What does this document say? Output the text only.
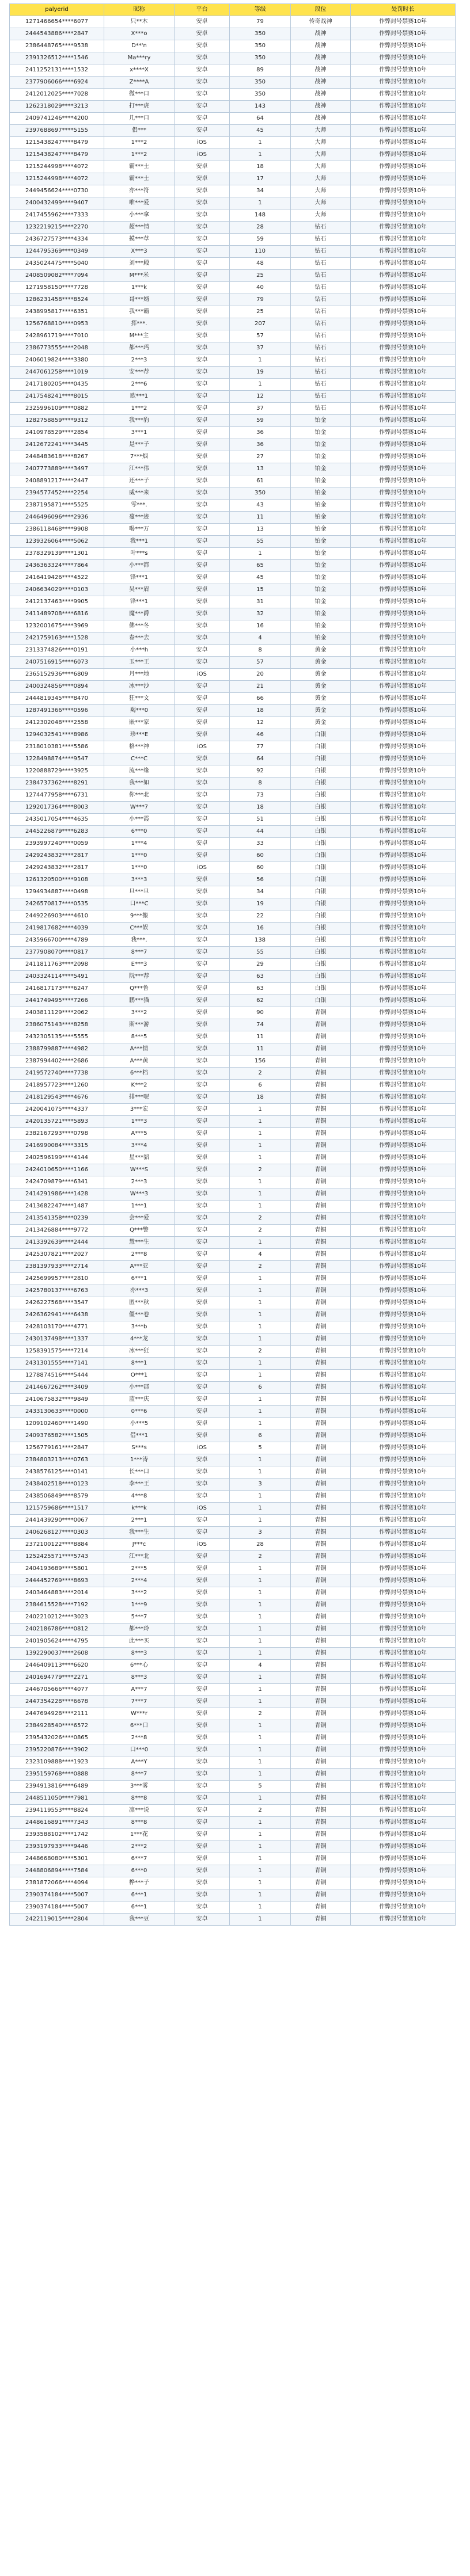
palyerid	昵称	平台	等级	段位	处罚时长
1271466654****6077	只**木	安卓	79	传奇战神	作弊封号禁赛10年
2444543886****2847	X***o	安卓	350	战神	作弊封号禁赛10年
2386448765****9538	D**'n	安卓	350	战神	作弊封号禁赛10年
2391326512****1546	Ma***ry	安卓	350	战神	作弊封号禁赛10年
2411252131****1532	x****X	安卓	89	战神	作弊封号禁赛10年
2377906066****6924	Z****A	安卓	350	战神	作弊封号禁赛10年
2412012025****7028	微***口	安卓	350	战神	作弊封号禁赛10年
1262318029****3213	打***虎	安卓	143	战神	作弊封号禁赛10年
2409741246****4200	几***口	安卓	64	战神	作弊封号禁赛10年
2397688697****5155	侣***	安卓	45	大师	作弊封号禁赛10年
1215438247****8479	1***2	iOS	1	大师	作弊封号禁赛10年
1215438247****8479	1***2	iOS	1	大师	作弊封号禁赛10年
1215244998****4072	霸***士	安卓	18	大师	作弊封号禁赛10年
1215244998****4072	霸***士	安卓	17	大师	作弊封号禁赛10年
2449456624****0730	亦***符	安卓	34	大师	作弊封号禁赛10年
2400432499****9407	唯***爱	安卓	1	大师	作弊封号禁赛10年
2417455962****7333	小***拿	安卓	148	大师	作弊封号禁赛10年
1232219215****2270	超***情	安卓	28	钻石	作弊封号禁赛10年
2436727573****4334	摸***草	安卓	59	钻石	作弊封号禁赛10年
1244795369****0349	X***3	安卓	110	钻石	作弊封号禁赛10年
2435024475****5040	刘***殿	安卓	48	钻石	作弊封号禁赛10年
2408509082****7094	M***米	安卓	25	钻石	作弊封号禁赛10年
1271958150****7728	1***k	安卓	40	钻石	作弊封号禁赛10年
1286231458****8524	哥***婿	安卓	79	钻石	作弊封号禁赛10年
2438995817****6351	我***霸	安卓	25	钻石	作弊封号禁赛10年
1256768810****0953	挥***.	安卓	207	钻石	作弊封号禁赛10年
2428961719****7010	M***主	安卓	57	钻石	作弊封号禁赛10年
2386773555****2048	都***玛	安卓	37	钻石	作弊封号禁赛10年
2406019824****3380	2***3	安卓	1	钻石	作弊封号禁赛10年
2447061258****1019	安***荐	安卓	19	钻石	作弊封号禁赛10年
2417180205****0435	2***6	安卓	1	钻石	作弊封号禁赛10年
2417548241****8015	欧***1	安卓	12	钻石	作弊封号禁赛10年
2325996109****0882	1***2	安卓	37	钻石	作弊封号禁赛10年
1282758859****9312	我***豹	安卓	59	铂金	作弊封号禁赛10年
2410978529****2854	3***1	安卓	36	铂金	作弊封号禁赛10年
2412672241****3445	是***子	安卓	36	铂金	作弊封号禁赛10年
2448483618****8267	7***烟	安卓	27	铂金	作弊封号禁赛10年
2407773889****3497	江***伟	安卓	13	铂金	作弊封号禁赛10年
2408891217****2447	还***子	安卓	61	铂金	作弊封号禁赛10年
2394577452****2254	威***来	安卓	350	铂金	作弊封号禁赛10年
2387195871****5525	零***.	安卓	43	铂金	作弊封号禁赛10年
2446496096****2936	蔓***迹	安卓	11	铂金	作弊封号禁赛10年
2386118468****9908	喝***万	安卓	13	铂金	作弊封号禁赛10年
1239326064****5062	我***1	安卓	55	铂金	作弊封号禁赛10年
2378329139****1301	叶***s	安卓	1	铂金	作弊封号禁赛10年
2436363324****7864	小***都	安卓	65	铂金	作弊封号禁赛10年
2416419426****4522	锋***1	安卓	45	铂金	作弊封号禁赛10年
2406634029****0103	吴***眉	安卓	15	铂金	作弊封号禁赛10年
2412137463****9905	锋***1	安卓	31	铂金	作弊封号禁赛10年
2411489708****6816	魔***爵	安卓	32	铂金	作弊封号禁赛10年
1232001675****3969	佛***冬	安卓	16	铂金	作弊封号禁赛10年
2421759163****1528	春***去	安卓	4	铂金	作弊封号禁赛10年
2313374826****0191	小***h	安卓	8	黄金	作弊封号禁赛10年
2407516915****6073	玉***王	安卓	57	黄金	作弊封号禁赛10年
2365152936****6809	月***地	iOS	20	黄金	作弊封号禁赛10年
2400324856****0894	冰***沙	安卓	21	黄金	作弊封号禁赛10年
2444819345****8470	狂***文	安卓	66	黄金	作弊封号禁赛10年
1287491366****0596	羯***0	安卓	18	黄金	作弊封号禁赛10年
2412302048****2558	嵌***家	安卓	12	黄金	作弊封号禁赛10年
1294032541****8986	珍***E	安卓	46	白银	作弊封号禁赛10年
2318010381****5586	格***神	iOS	77	白银	作弊封号禁赛10年
1228498874****9547	C***C	安卓	64	白银	作弊封号禁赛10年
1220888729****3925	流***缘	安卓	92	白银	作弊封号禁赛10年
2384737362****8291	我***如	安卓	8	白银	作弊封号禁赛10年
1274477958****6731	你***北	安卓	73	白银	作弊封号禁赛10年
1292017364****8003	W***7	安卓	18	白银	作弊封号禁赛10年
2435017054****4635	小***霞	安卓	51	白银	作弊封号禁赛10年
2445226879****6283	6***0	安卓	44	白银	作弊封号禁赛10年
2393997240****0059	1***4	安卓	33	白银	作弊封号禁赛10年
2429243832****2817	1***0	安卓	60	白银	作弊封号禁赛10年
2429243832****2817	1***0	iOS	60	白银	作弊封号禁赛10年
1261320500****9108	3***3	安卓	56	白银	作弊封号禁赛10年
1294934887****0498	旦***旦	安卓	34	白银	作弊封号禁赛10年
2426570817****0535	口***C	安卓	19	白银	作弊封号禁赛10年
2449226903****4610	9***搬	安卓	22	白银	作弊封号禁赛10年
2419817682****4039	C***娱	安卓	16	白银	作弊封号禁赛10年
2435966700****4789	我***.	安卓	138	白银	作弊封号禁赛10年
2377908070****0817	8***7	安卓	55	白银	作弊封号禁赛10年
2411811763****2098	E***3	安卓	29	白银	作弊封号禁赛10年
2403324114****5491	阮***荐	安卓	63	白银	作弊封号禁赛10年
2416817173****6247	Q***鲁	安卓	63	白银	作弊封号禁赛10年
2441749495****7266	鹏***猫	安卓	62	白银	作弊封号禁赛10年
2403811129****2062	3***2	安卓	90	青铜	作弊封号禁赛10年
2386075143****8258	斯***游	安卓	74	青铜	作弊封号禁赛10年
2432305135****5555	8***5	安卓	11	青铜	作弊封号禁赛10年
2388799887****4982	A***情	安卓	11	青铜	作弊封号禁赛10年
2387994402****2686	A***黄	安卓	156	青铜	作弊封号禁赛10年
2419572740****7738	6***档	安卓	2	青铜	作弊封号禁赛10年
2418957723****1260	K***2	安卓	6	青铜	作弊封号禁赛10年
2418129543****4676	排***呢	安卓	18	青铜	作弊封号禁赛10年
2420041075****4337	3***宏	安卓	1	青铜	作弊封号禁赛10年
2420135721****5893	1***3	安卓	1	青铜	作弊封号禁赛10年
2382167293****0798	A***5	安卓	1	青铜	作弊封号禁赛10年
2416990084****3315	3***4	安卓	1	青铜	作弊封号禁赛10年
2402596199****4144	星***貂	安卓	1	青铜	作弊封号禁赛10年
2424010650****1166	W***S	安卓	2	青铜	作弊封号禁赛10年
2424709879****6341	2***3	安卓	1	青铜	作弊封号禁赛10年
2414291986****1428	W***3	安卓	1	青铜	作弊封号禁赛10年
2413682247****1487	1***1	安卓	1	青铜	作弊封号禁赛10年
2413541358****0239	会***爱	安卓	2	青铜	作弊封号禁赛10年
2413426884****9772	Q***警	安卓	2	青铜	作弊封号禁赛10年
2413392639****2444	慧***生	安卓	1	青铜	作弊封号禁赛10年
2425307821****2027	2***8	安卓	4	青铜	作弊封号禁赛10年
2381397933****2714	A***亚	安卓	2	青铜	作弊封号禁赛10年
2425699957****2810	6***1	安卓	1	青铜	作弊封号禁赛10年
2425780137****6763	亦***3	安卓	1	青铜	作弊封号禁赛10年
2426227568****3547	匿***秋	安卓	1	青铜	作弊封号禁赛10年
2426362941****6438	僵***卷	安卓	1	青铜	作弊封号禁赛10年
2428103170****4771	3***b	安卓	1	青铜	作弊封号禁赛10年
2430137498****1337	4***龙	安卓	1	青铜	作弊封号禁赛10年
1258391575****7214	冰***狂	安卓	2	青铜	作弊封号禁赛10年
2431301555****7141	8***1	安卓	1	青铜	作弊封号禁赛10年
1278874516****5444	O***1	安卓	1	青铜	作弊封号禁赛10年
2414667262****3409	小***郡	安卓	6	青铜	作弊封号禁赛10年
2410675832****9849	蓝***庆	安卓	1	青铜	作弊封号禁赛10年
2433130633****0000	0***6	安卓	1	青铜	作弊封号禁赛10年
1209102460****1490	小***5	安卓	1	青铜	作弊封号禁赛10年
2409376582****1505	借***1	安卓	6	青铜	作弊封号禁赛10年
1256779161****2847	S***s	iOS	5	青铜	作弊封号禁赛10年
2384803213****0763	1***涛	安卓	1	青铜	作弊封号禁赛10年
2438576125****0141	长***口	安卓	1	青铜	作弊封号禁赛10年
2438402518****0123	李***王	安卓	3	青铜	作弊封号禁赛10年
2438506849****8579	4***8	安卓	1	青铜	作弊封号禁赛10年
1215759686****1517	k***k	iOS	1	青铜	作弊封号禁赛10年
2441439290****0067	2***1	安卓	1	青铜	作弊封号禁赛10年
2406268127****0303	我***生	安卓	3	青铜	作弊封号禁赛10年
2372100122****8884	J***c	iOS	28	青铜	作弊封号禁赛10年
1252425571****5743	江***北	安卓	2	青铜	作弊封号禁赛10年
2404193689****5801	2***5	安卓	1	青铜	作弊封号禁赛10年
2444452769****8693	2***4	安卓	1	青铜	作弊封号禁赛10年
2403464883****2014	3***2	安卓	1	青铜	作弊封号禁赛10年
2384615528****7192	1***9	安卓	1	青铜	作弊封号禁赛10年
2402210212****3023	5***7	安卓	1	青铜	作弊封号禁赛10年
2402186786****0812	都***玲	安卓	1	青铜	作弊封号禁赛10年
2401905624****4795	此***买	安卓	1	青铜	作弊封号禁赛10年
1392290037****2608	8***3	安卓	1	青铜	作弊封号禁赛10年
2446409113****6620	6***心	安卓	4	青铜	作弊封号禁赛10年
2401694779****2271	8***3	安卓	1	青铜	作弊封号禁赛10年
2446705666****4077	A***7	安卓	1	青铜	作弊封号禁赛10年
2447354228****6678	7***7	安卓	1	青铜	作弊封号禁赛10年
2447694928****2111	W***r	安卓	2	青铜	作弊封号禁赛10年
2384928540****6572	6***口	安卓	1	青铜	作弊封号禁赛10年
2395432026****0865	2***8	安卓	1	青铜	作弊封号禁赛10年
2395220876****3902	口***0	安卓	1	青铜	作弊封号禁赛10年
2323109888****1923	A***Y	安卓	1	青铜	作弊封号禁赛10年
2395159768****0888	8***7	安卓	1	青铜	作弊封号禁赛10年
2394913816****6489	3***雾	安卓	5	青铜	作弊封号禁赛10年
2448511050****7981	8***8	安卓	1	青铜	作弊封号禁赛10年
2394119553****8824	凛***说	安卓	2	青铜	作弊封号禁赛10年
2448616891****7343	8***8	安卓	1	青铜	作弊封号禁赛10年
2393588102****1742	1***花	安卓	1	青铜	作弊封号禁赛10年
2393197933****9446	2***2	安卓	1	青铜	作弊封号禁赛10年
2448668080****5301	6***7	安卓	1	青铜	作弊封号禁赛10年
2448806894****7584	6***0	安卓	1	青铜	作弊封号禁赛10年
2381872066****4094	桦***子	安卓	1	青铜	作弊封号禁赛10年
2390374184****5007	6***1	安卓	1	青铜	作弊封号禁赛10年
2390374184****5007	6***1	安卓	1	青铜	作弊封号禁赛10年
2422119015****2804	我***豆	安卓	1	青铜	作弊封号禁赛10年
